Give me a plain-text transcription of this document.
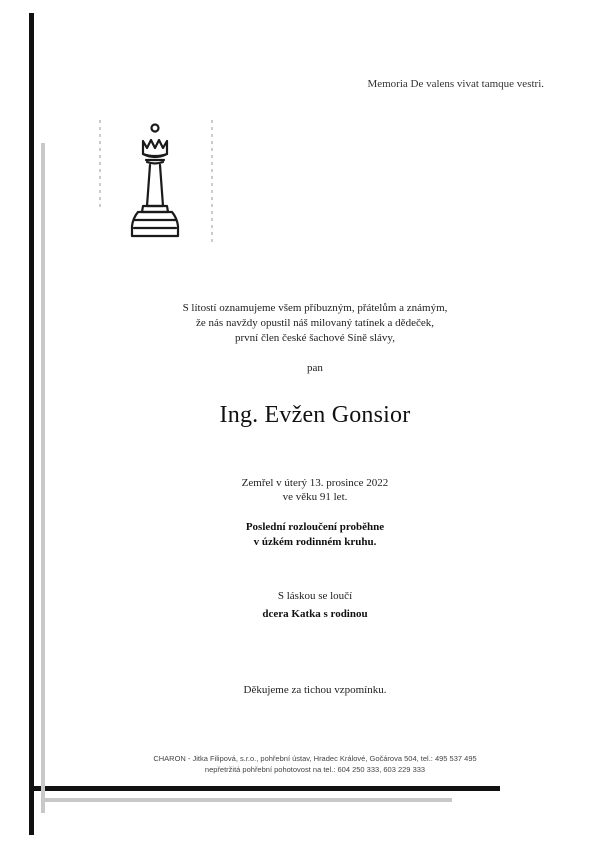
Memoria De valens vivat tamque vestri.
S lítostí oznamujeme všem příbuzným, přátelům a známým,
že nás navždy opustil náš milovaný tatínek a dědeček,
první člen české šachové Síně slávy,
pan
Ing. Evžen Gonsior
Zemřel v úterý 13. prosince 2022
ve věku 91 let.
Poslední rozloučení proběhne
v úzkém rodinném kruhu.
S láskou se loučí
dcera Katka s rodinou
Děkujeme za tichou vzpomínku.
CHARON - Jitka Filipová, s.r.o., pohřební ústav, Hradec Králové, Gočárova 504, tel.: 495 537 495
nepřetržitá pohřební pohotovost na tel.: 604 250 333, 603 229 333
